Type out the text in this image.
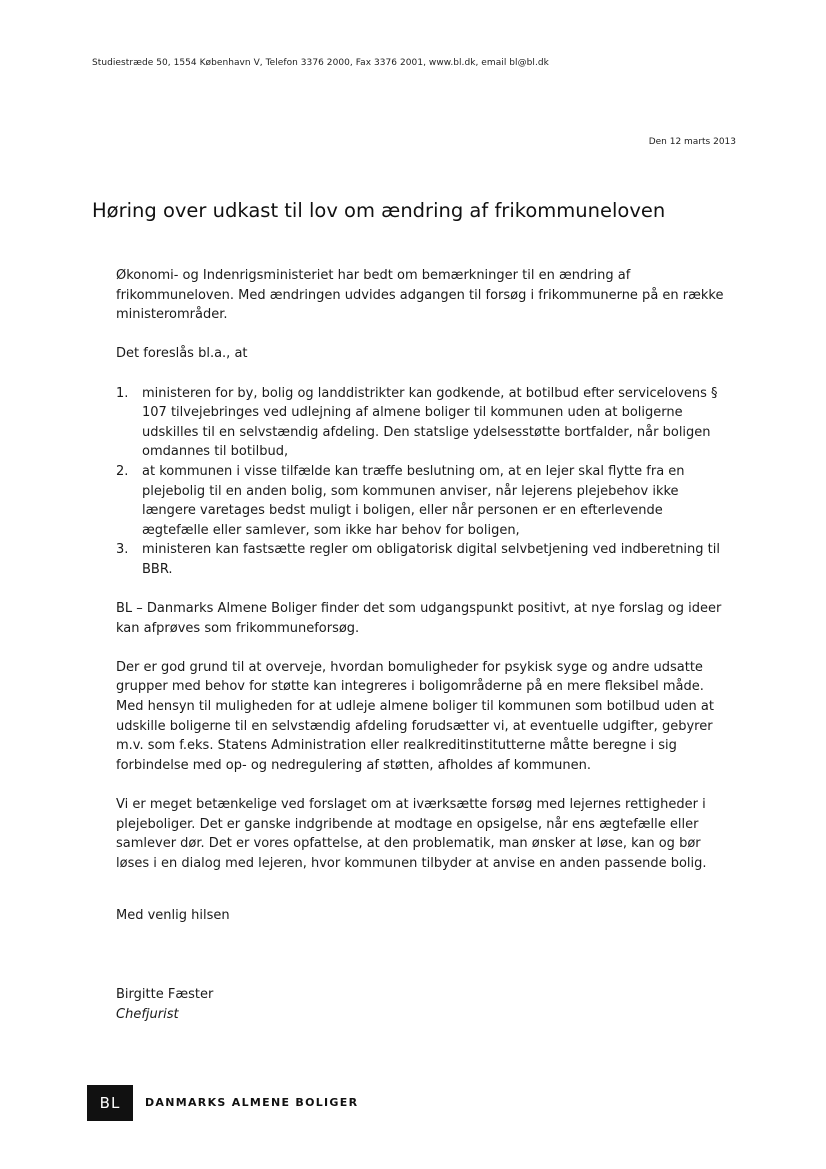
Studiestræde 50, 1554 København V, Telefon 3376 2000, Fax 3376 2001, www.bl.dk, email bl@bl.dk
Den 12 marts 2013
Høring over udkast til lov om ændring af frikommuneloven

Økonomi- og Indenrigsministeriet har bedt om bemærkninger til en ændring af frikommuneloven. Med ændringen udvides adgangen til forsøg i frikommunerne på en række ministerområder.

Det foreslås bl.a., at

1. ministeren for by, bolig og landdistrikter kan godkende, at botilbud efter servicelovens § 107 tilvejebringes ved udlejning af almene boliger til kommunen uden at boligerne udskilles til en selvstændig afdeling. Den statslige ydelsesstøtte bortfalder, når boligen omdannes til botilbud,
2. at kommunen i visse tilfælde kan træffe beslutning om, at en lejer skal flytte fra en plejebolig til en anden bolig, som kommunen anviser, når lejerens plejebehov ikke længere varetages bedst muligt i boligen, eller når personen er en efterlevende ægtefælle eller samlever, som ikke har behov for boligen,
3. ministeren kan fastsætte regler om obligatorisk digital selvbetjening ved indberetning til BBR.

BL – Danmarks Almene Boliger finder det som udgangspunkt positivt, at nye forslag og ideer kan afprøves som frikommuneforsøg.

Der er god grund til at overveje, hvordan bomuligheder for psykisk syge og andre udsatte grupper med behov for støtte kan integreres i boligområderne på en mere fleksibel måde. Med hensyn til muligheden for at udleje almene boliger til kommunen som botilbud uden at udskille boligerne til en selvstændig afdeling forudsætter vi, at eventuelle udgifter, gebyrer m.v. som f.eks. Statens Administration eller realkreditinstitutterne måtte beregne i sig forbindelse med op- og nedregulering af støtten, afholdes af kommunen.

Vi er meget betænkelige ved forslaget om at iværksætte forsøg med lejernes rettigheder i plejeboliger. Det er ganske indgribende at modtage en opsigelse, når ens ægtefælle eller samlever dør. Det er vores opfattelse, at den problematik, man ønsker at løse, kan og bør løses i en dialog med lejeren, hvor kommunen tilbyder at anvise en anden passende bolig.

Med venlig hilsen
Birgitte Fæster
Chefjurist
BL	DANMARKS ALMENE BOLIGER
